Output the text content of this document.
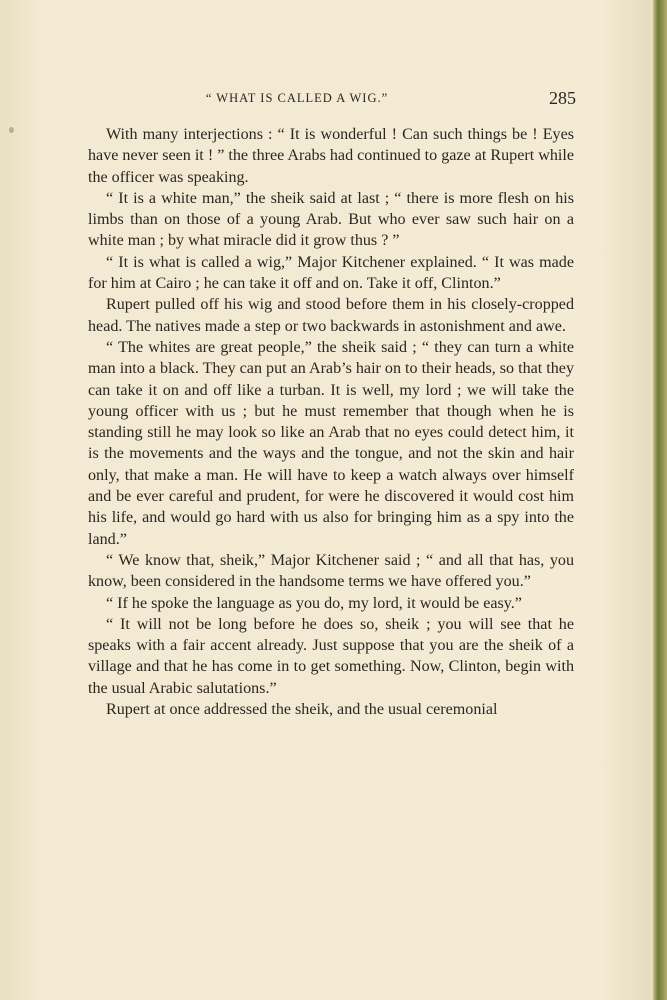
“ WHAT IS CALLED A WIG.”	285

With many interjections : “ It is wonderful ! Can such things be ! Eyes have never seen it ! ” the three Arabs had continued to gaze at Rupert while the officer was speaking.

“ It is a white man,” the sheik said at last ; “ there is more flesh on his limbs than on those of a young Arab. But who ever saw such hair on a white man ; by what miracle did it grow thus ? ”

“ It is what is called a wig,” Major Kitchener explained. “ It was made for him at Cairo ; he can take it off and on. Take it off, Clinton.”

Rupert pulled off his wig and stood before them in his closely-cropped head. The natives made a step or two backwards in astonishment and awe.

“ The whites are great people,” the sheik said ; “ they can turn a white man into a black. They can put an Arab’s hair on to their heads, so that they can take it on and off like a turban. It is well, my lord ; we will take the young officer with us ; but he must remember that though when he is standing still he may look so like an Arab that no eyes could detect him, it is the movements and the ways and the tongue, and not the skin and hair only, that make a man. He will have to keep a watch always over himself and be ever careful and prudent, for were he discovered it would cost him his life, and would go hard with us also for bringing him as a spy into the land.”

“ We know that, sheik,” Major Kitchener said ; “ and all that has, you know, been considered in the handsome terms we have offered you.”

“ If he spoke the language as you do, my lord, it would be easy.”

“ It will not be long before he does so, sheik ; you will see that he speaks with a fair accent already. Just suppose that you are the sheik of a village and that he has come in to get something. Now, Clinton, begin with the usual Arabic salutations.”

Rupert at once addressed the sheik, and the usual ceremonial
